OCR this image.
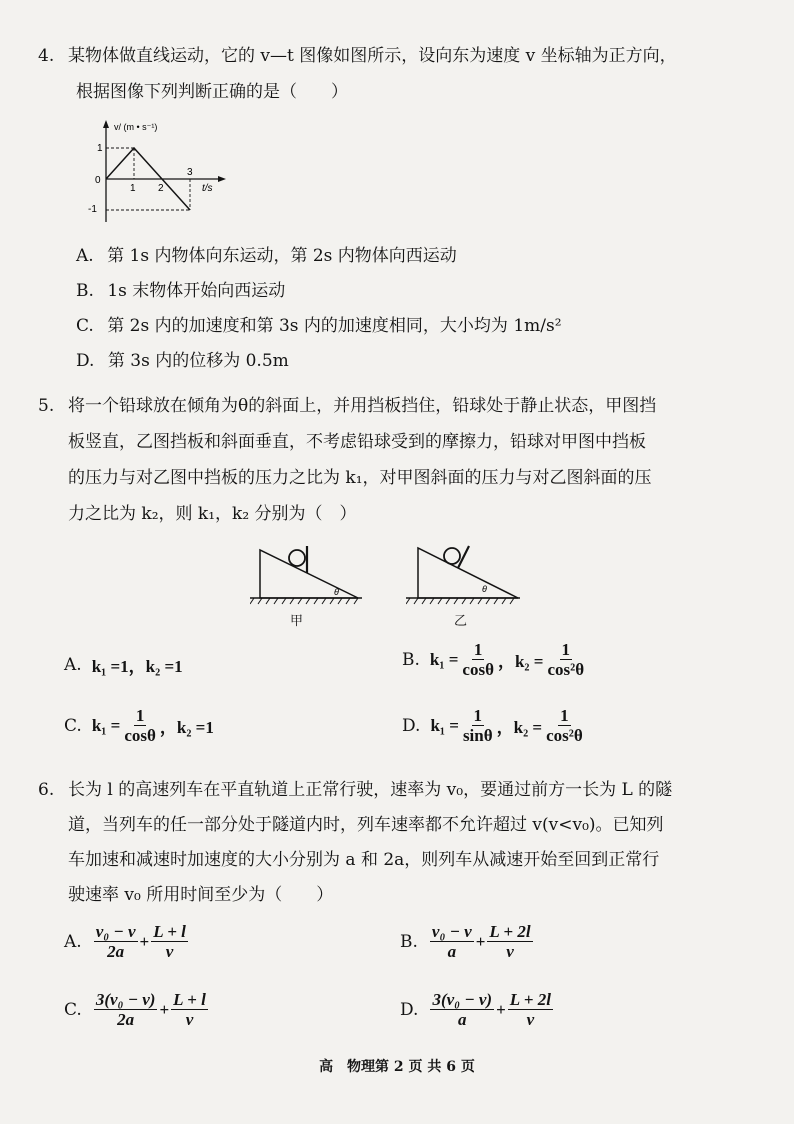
4. 某物体做直线运动，它的 v—t 图像如图所示，设向东为速度 v 坐标轴为正方向，
根据图像下列判断正确的是（　　）
v/ (m • s⁻¹)
t/s
1
0
-1
1 2
3
A. 第 1s 内物体向东运动，第 2s 内物体向西运动
B. 1s 末物体开始向西运动
C. 第 2s 内的加速度和第 3s 内的加速度相同，大小均为 1m/s²
D. 第 3s 内的位移为 0.5m
5. 将一个铅球放在倾角为θ的斜面上，并用挡板挡住，铅球处于静止状态，甲图挡
板竖直，乙图挡板和斜面垂直，不考虑铅球受到的摩擦力，铅球对甲图中挡板
的压力与对乙图中挡板的压力之比为 k₁，对甲图斜面的压力与对乙图斜面的压
力之比为 k₂，则 k₁，k₂ 分别为（　）
θ
甲
θ
乙
A. k₁ =1，k₂ =1	B. $k_1 = \frac{1}{\cos\theta}$ ，$k_2 = \frac{1}{\text{cos²θ}}$
C. $k_1 = \frac{1}{\cos\theta}$ ，k₂ =1	D. $k_1 = \frac{1}{\sin\theta}$ ，$k_2 = \frac{1}{\text{cos²θ}}$
6. 长为 l 的高速列车在平直轨道上正常行驶，速率为 v₀，要通过前方一长为 L 的隧
道，当列车的任一部分处于隧道内时，列车速率都不允许超过 v(v<v₀)。已知列
车加速和减速时加速度的大小分别为 a 和 2a，则列车从减速开始至回到正常行
驶速率 v₀ 所用时间至少为（　　）
A. $\frac{\text{v₀ − v}}{2a} + \frac{L + l}{v}$	B. $\frac{\text{v₀ − v}}{a} + \frac{L + 2l}{v}$
C. $\frac{\text{3(v₀ − v)}}{2a} + \frac{L + l}{v}$	D. $\frac{\text{3(v₀ − v)}}{a} + \frac{L + 2l}{v}$
高　物理第 2 页 共 6 页
